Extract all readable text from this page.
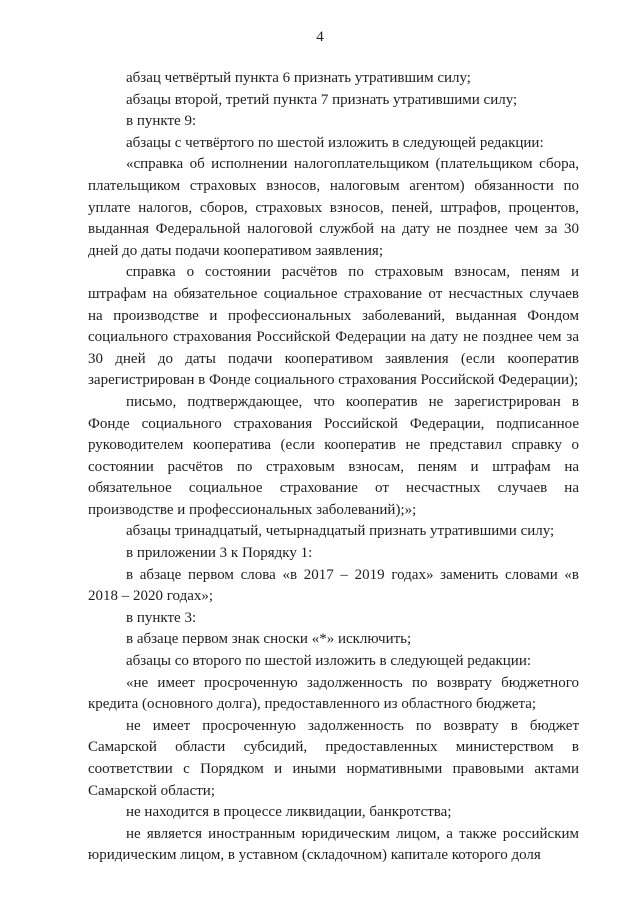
4

абзац четвёртый пункта 6 признать утратившим силу;

абзацы второй, третий пункта 7 признать утратившими силу;

в пункте 9:

абзацы с четвёртого по шестой изложить в следующей редакции:

«справка об исполнении налогоплательщиком (плательщиком сбора, плательщиком страховых взносов, налоговым агентом) обязанности по уплате налогов, сборов, страховых взносов, пеней, штрафов, процентов, выданная Федеральной налоговой службой на дату не позднее чем за 30 дней до даты подачи кооперативом заявления;

справка о состоянии расчётов по страховым взносам, пеням и штрафам на обязательное социальное страхование от несчастных случаев на производстве и профессиональных заболеваний, выданная Фондом социального страхования Российской Федерации на дату не позднее чем за 30 дней до даты подачи кооперативом заявления (если кооператив зарегистрирован в Фонде социального страхования Российской Федерации);

письмо, подтверждающее, что кооператив не зарегистрирован в Фонде социального страхования Российской Федерации, подписанное руководителем кооператива (если кооператив не представил справку о состоянии расчётов по страховым взносам, пеням и штрафам на обязательное социальное страхование от несчастных случаев на производстве и профессиональных заболеваний);»;

абзацы тринадцатый, четырнадцатый признать утратившими силу;

в приложении 3 к Порядку 1:

в абзаце первом слова «в 2017 – 2019 годах» заменить словами «в 2018 – 2020 годах»;

в пункте 3:

в абзаце первом знак сноски «*» исключить;

абзацы со второго по шестой изложить в следующей редакции:

«не имеет просроченную задолженность по возврату бюджетного кредита (основного долга), предоставленного из областного бюджета;

не имеет просроченную задолженность по возврату в бюджет Самарской области субсидий, предоставленных министерством в соответствии с Порядком и иными нормативными правовыми актами Самарской области;

не находится в процессе ликвидации, банкротства;

не является иностранным юридическим лицом, а также российским юридическим лицом, в уставном (складочном) капитале которого доля
